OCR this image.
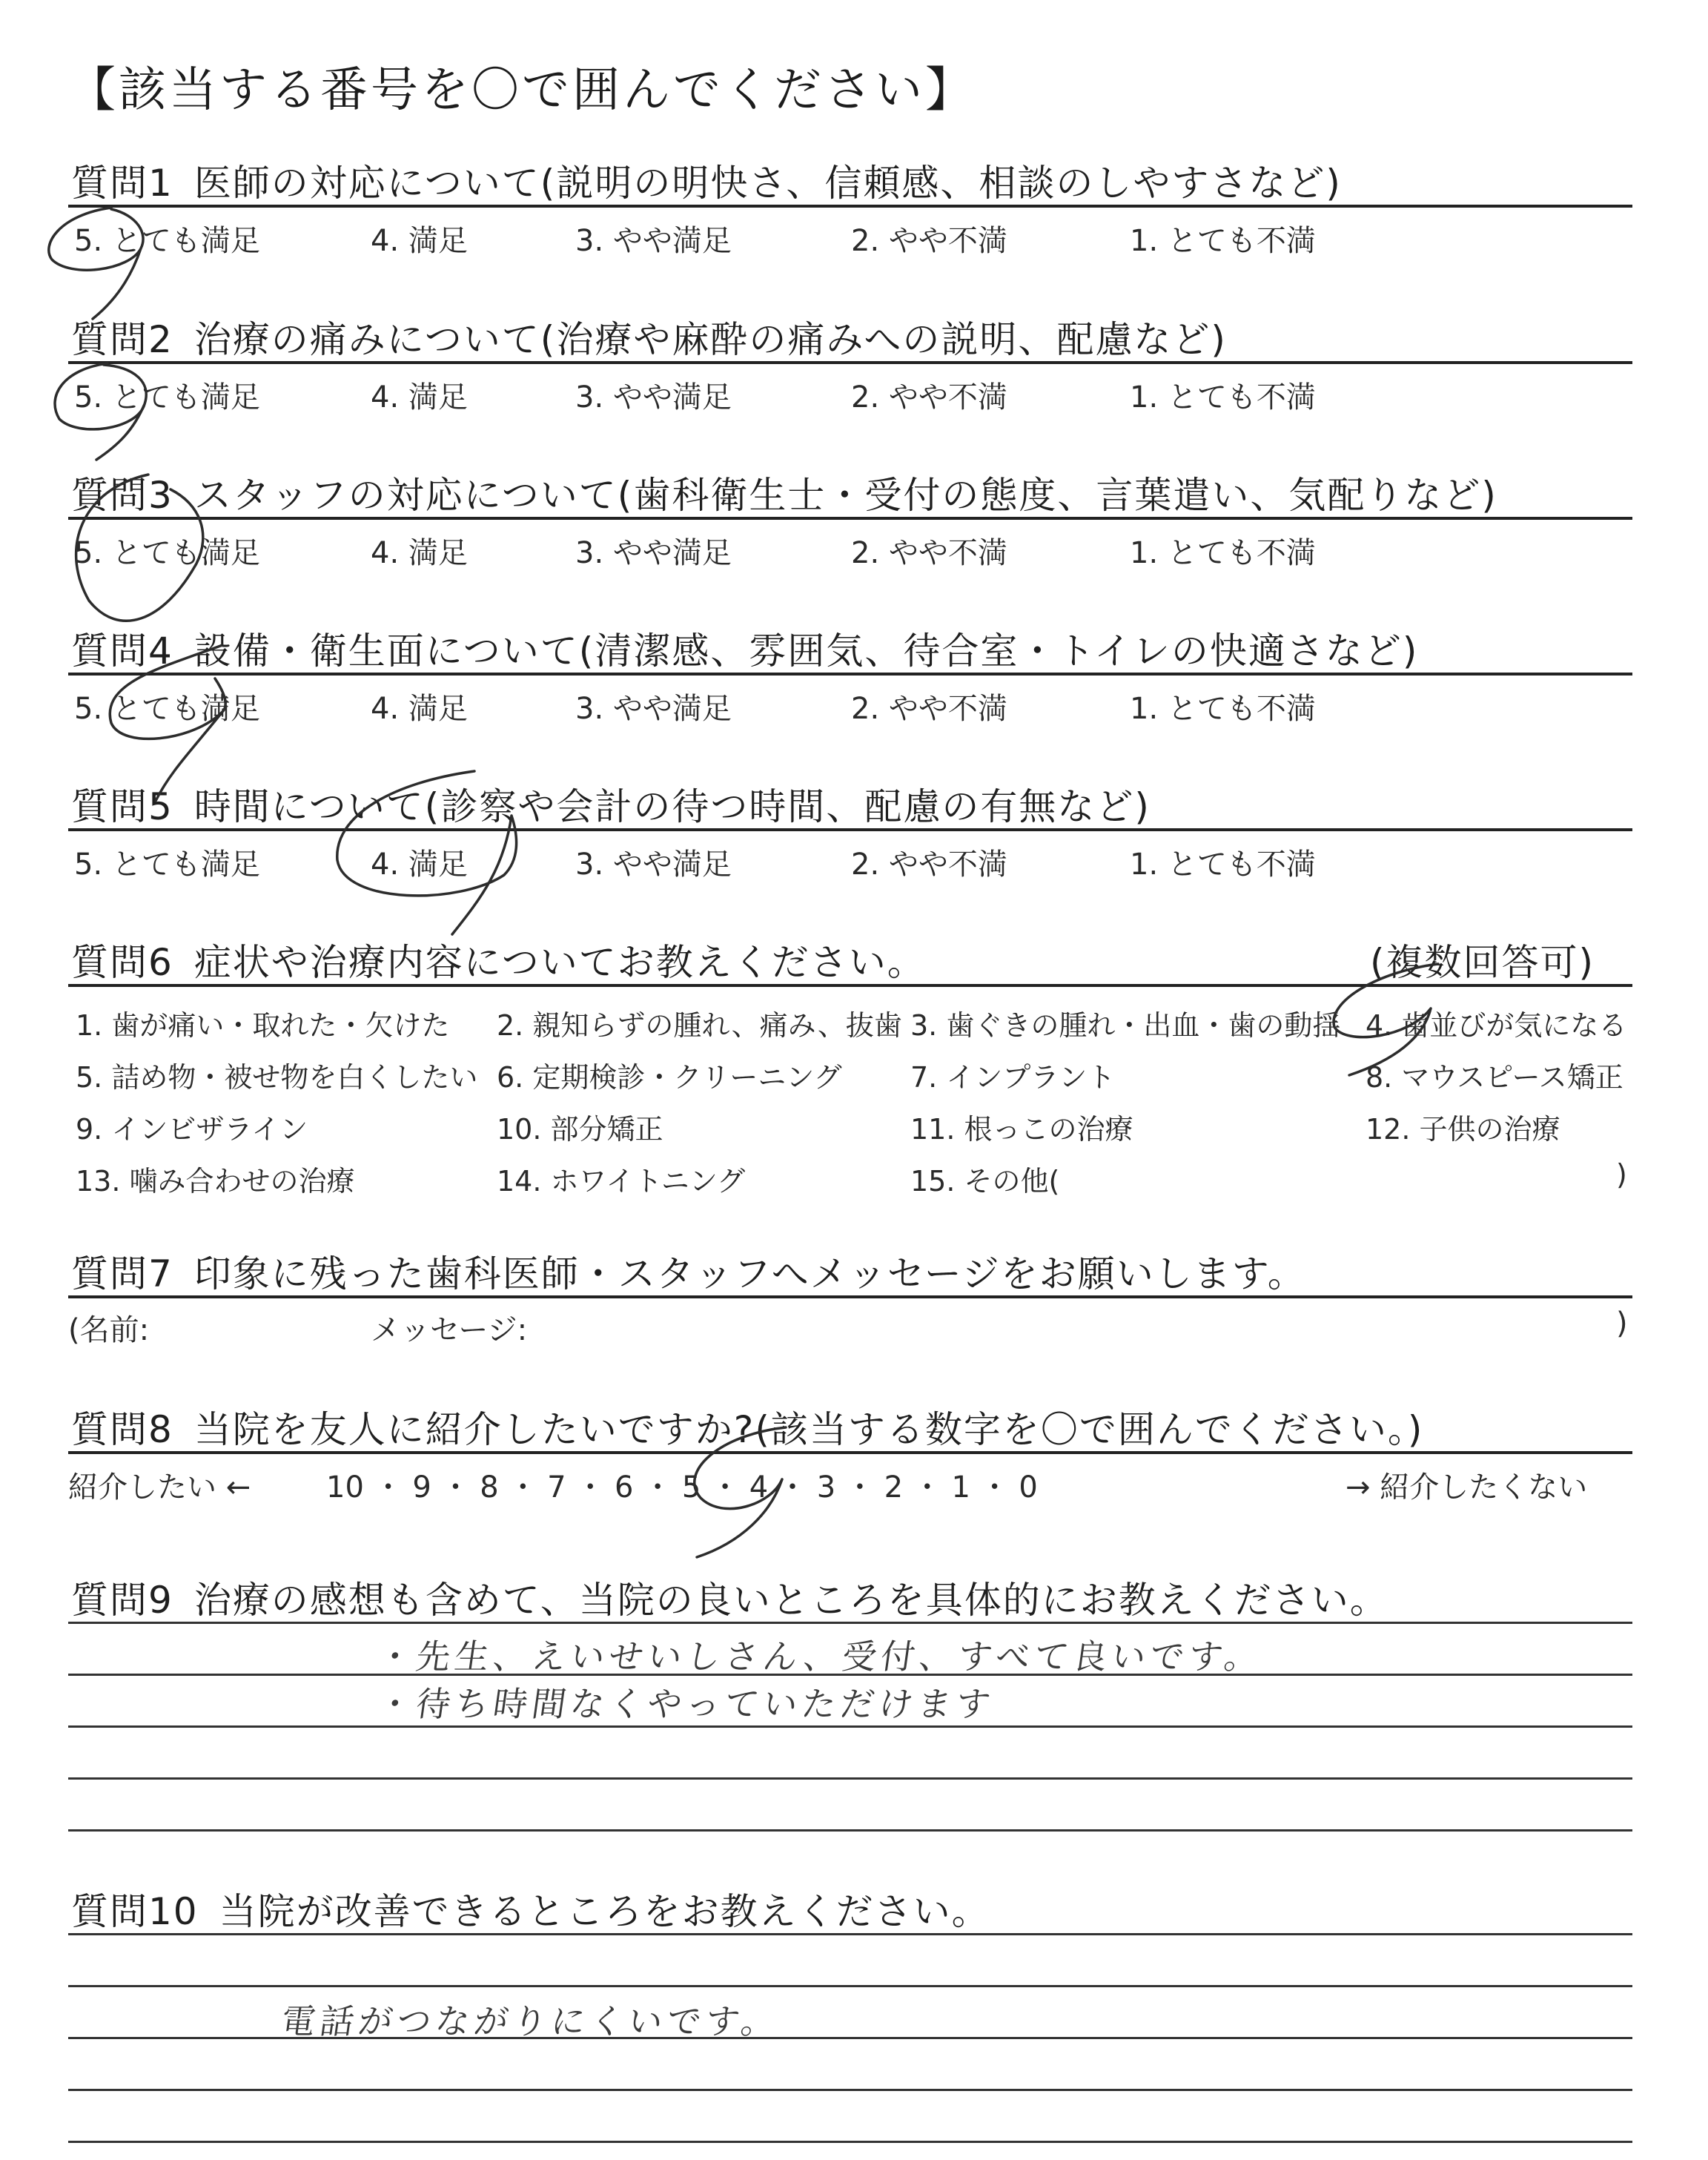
【該当する番号を〇で囲んでください】
質問1 医師の対応について(説明の明快さ、信頼感、相談のしやすさなど)
5. とても満足	4. 満足	3. やや満足	2. やや不満	1. とても不満
質問2 治療の痛みについて(治療や麻酔の痛みへの説明、配慮など)
5. とても満足	4. 満足	3. やや満足	2. やや不満	1. とても不満
質問3 スタッフの対応について(歯科衛生士・受付の態度、言葉遣い、気配りなど)
5. とても満足	4. 満足	3. やや満足	2. やや不満	1. とても不満
質問4 設備・衛生面について(清潔感、雰囲気、待合室・トイレの快適さなど)
5. とても満足	4. 満足	3. やや満足	2. やや不満	1. とても不満
質問5 時間について(診察や会計の待つ時間、配慮の有無など)
5. とても満足	4. 満足	3. やや満足	2. やや不満	1. とても不満
質問6 症状や治療内容についてお教えください。	(複数回答可)
1. 歯が痛い・取れた・欠けた 2. 親知らずの腫れ、痛み、抜歯 3. 歯ぐきの腫れ・出血・歯の動揺 4. 歯並びが気になる
5. 詰め物・被せ物を白くしたい 6. 定期検診・クリーニング 7. インプラント	8. マウスピース矯正
9. インビザライン	10. 部分矯正	11. 根っこの治療	12. 子供の治療
13. 噛み合わせの治療	14. ホワイトニング	15. その他(	)
質問7 印象に残った歯科医師・スタッフへメッセージをお願いします。
(名前:	メッセージ:	)
質問8 当院を友人に紹介したいですか?(該当する数字を〇で囲んでください。)
紹介したい ←	10 ・ 9 ・ 8 ・ 7 ・ 6 ・ 5 ・ 4 ・ 3 ・ 2 ・ 1 ・ 0	→ 紹介したくない
質問9 治療の感想も含めて、当院の良いところを具体的にお教えください。
・先生、えいせいしさん、受付、すべて良いです。
・待ち時間なくやっていただけます
質問10 当院が改善できるところをお教えください。
電話がつながりにくいです。
